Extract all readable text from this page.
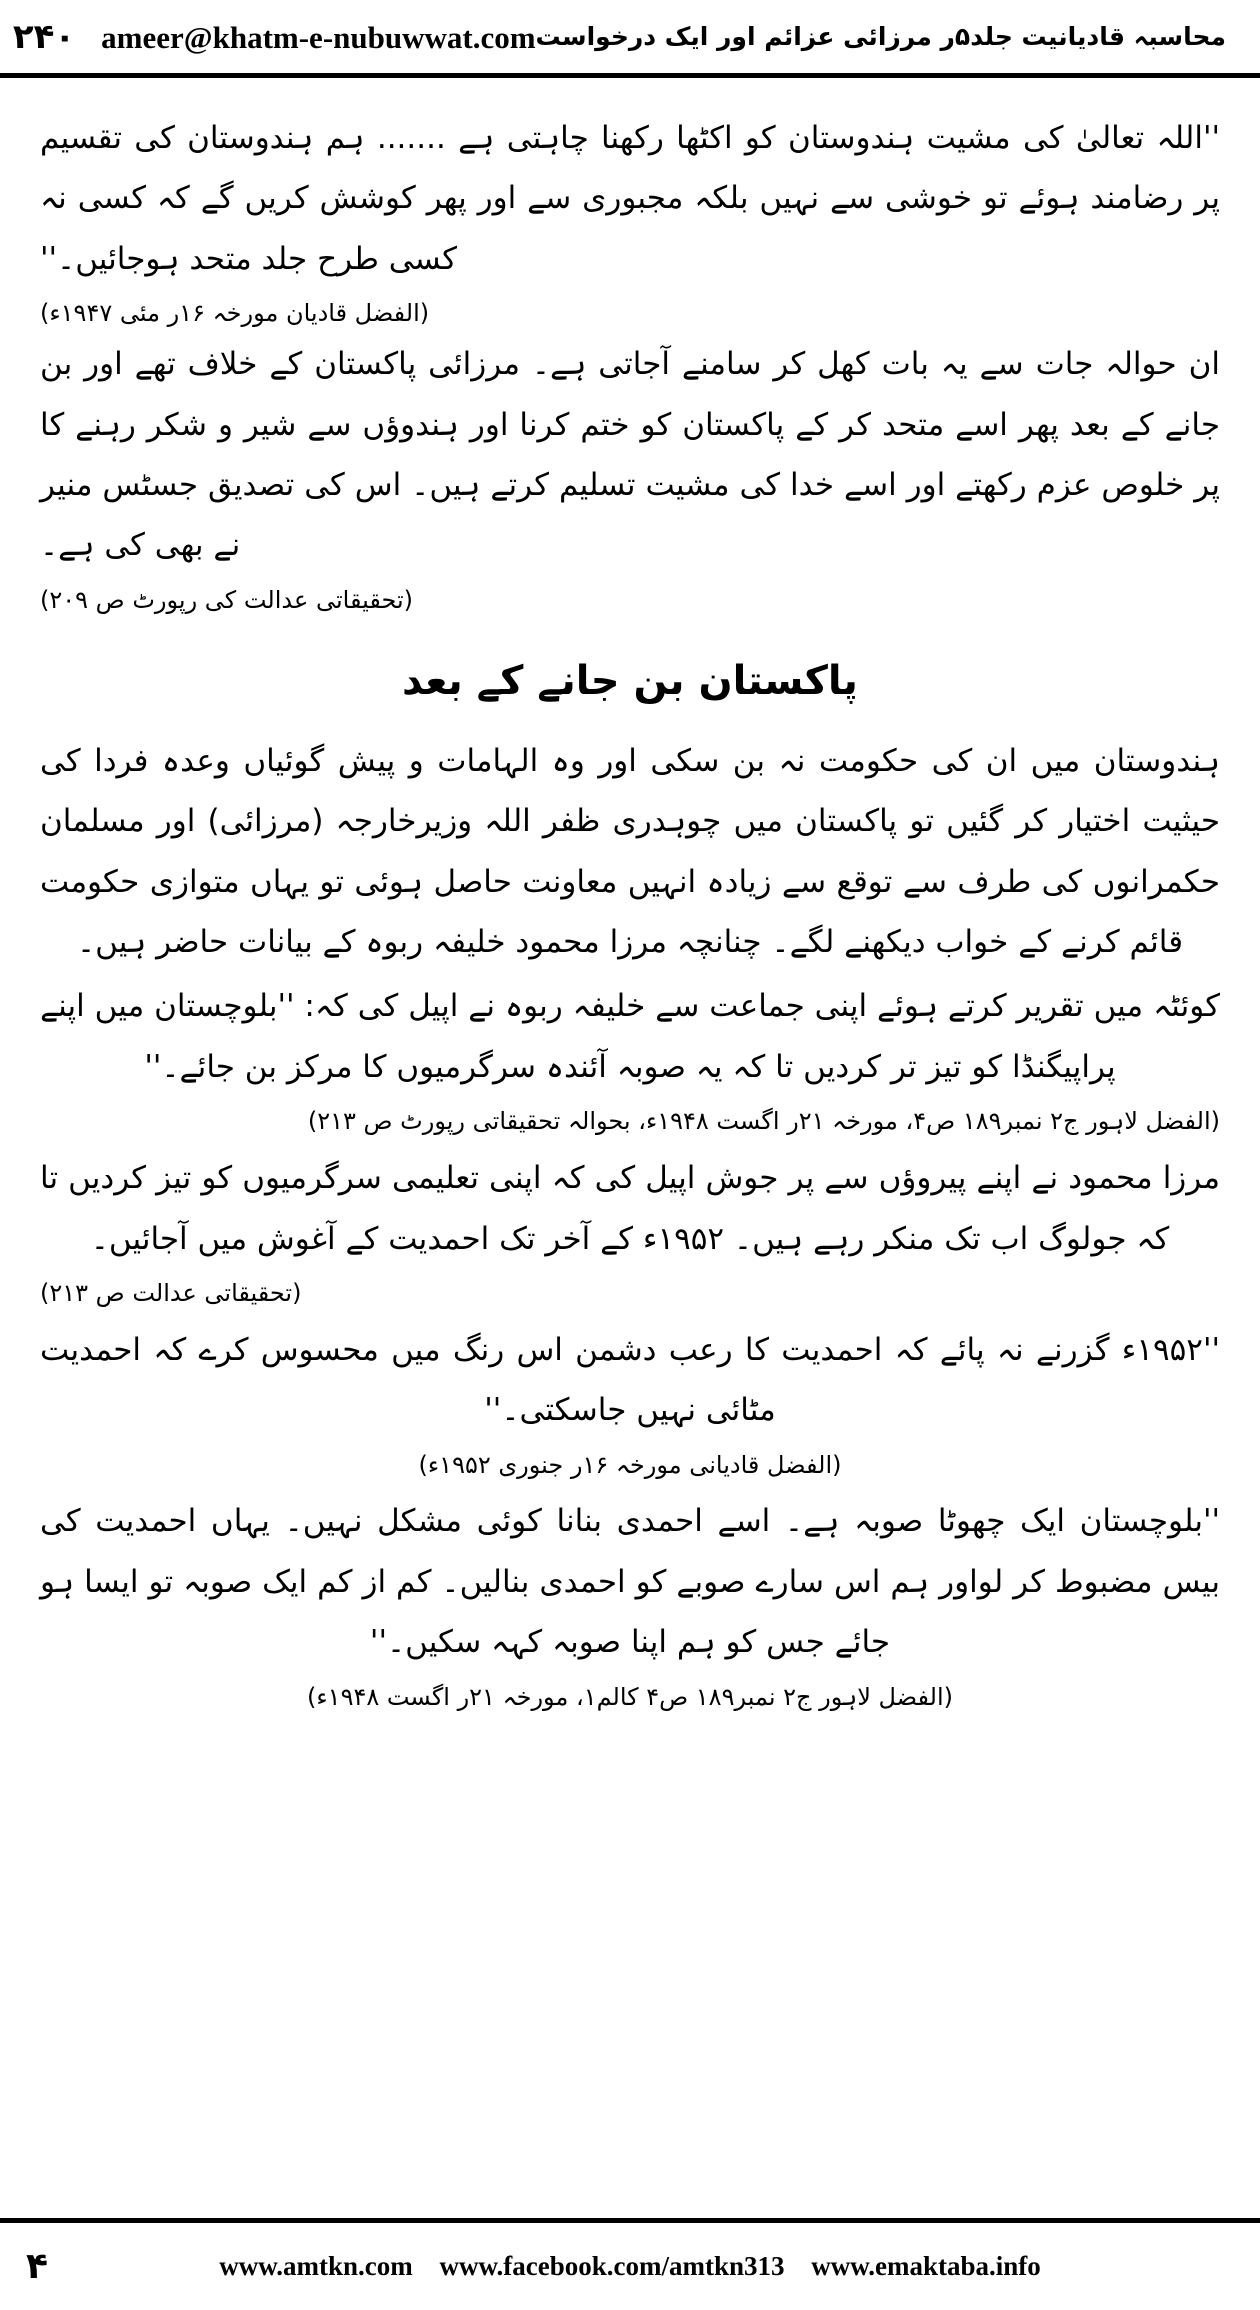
محاسبہ قادیانیت جلد۵ر مرزائی عزائم اور ایک درخواست
۲۴۰ ameer@khatm-e-nubuwwat.com

''اللہ تعالیٰ کی مشیت ہندوستان کو اکٹھا رکھنا چاہتی ہے ....... ہم ہندوستان کی تقسیم پر رضامند ہوئے تو خوشی سے نہیں بلکہ مجبوری سے اور پھر کوشش کریں گے کہ کسی نہ کسی طرح جلد متحد ہوجائیں۔''

(الفضل قادیان مورخہ ۱۶ر مئی ۱۹۴۷ء)

ان حوالہ جات سے یہ بات کھل کر سامنے آجاتی ہے۔ مرزائی پاکستان کے خلاف تھے اور بن جانے کے بعد پھر اسے متحد کر کے پاکستان کو ختم کرنا اور ہندوؤں سے شیر و شکر رہنے کا پر خلوص عزم رکھتے اور اسے خدا کی مشیت تسلیم کرتے ہیں۔ اس کی تصدیق جسٹس منیر نے بھی کی ہے۔

(تحقیقاتی عدالت کی رپورٹ ص ۲۰۹)

پاکستان بن جانے کے بعد

ہندوستان میں ان کی حکومت نہ بن سکی اور وہ الہامات و پیش گوئیاں وعدہ فردا کی حیثیت اختیار کر گئیں تو پاکستان میں چوہدری ظفر اللہ وزیرخارجہ (مرزائی) اور مسلمان حکمرانوں کی طرف سے توقع سے زیادہ انہیں معاونت حاصل ہوئی تو یہاں متوازی حکومت قائم کرنے کے خواب دیکھنے لگے۔ چنانچہ مرزا محمود خلیفہ ربوہ کے بیانات حاضر ہیں۔

کوئٹہ میں تقریر کرتے ہوئے اپنی جماعت سے خلیفہ ربوہ نے اپیل کی کہ: ''بلوچستان میں اپنے پراپیگنڈا کو تیز تر کردیں تا کہ یہ صوبہ آئندہ سرگرمیوں کا مرکز بن جائے۔''

(الفضل لاہور ج۲ نمبر۱۸۹ ص۴، مورخہ ۲۱ر اگست ۱۹۴۸ء، بحوالہ تحقیقاتی رپورٹ ص ۲۱۳)

مرزا محمود نے اپنے پیروؤں سے پر جوش اپیل کی کہ اپنی تعلیمی سرگرمیوں کو تیز کردیں تا کہ جولوگ اب تک منکر رہے ہیں۔ ۱۹۵۲ء کے آخر تک احمدیت کے آغوش میں آجائیں۔

(تحقیقاتی عدالت ص ۲۱۳)

''۱۹۵۲ء گزرنے نہ پائے کہ احمدیت کا رعب دشمن اس رنگ میں محسوس کرے کہ احمدیت مٹائی نہیں جاسکتی۔''

(الفضل قادیانی مورخہ ۱۶ر جنوری ۱۹۵۲ء)

''بلوچستان ایک چھوٹا صوبہ ہے۔ اسے احمدی بنانا کوئی مشکل نہیں۔ یہاں احمدیت کی بیس مضبوط کر لواور ہم اس سارے صوبے کو احمدی بنالیں۔ کم از کم ایک صوبہ تو ایسا ہو جائے جس کو ہم اپنا صوبہ کہہ سکیں۔''

(الفضل لاہور ج۲ نمبر۱۸۹ ص۴ کالم۱، مورخہ ۲۱ر اگست ۱۹۴۸ء)

۴	www.amtkn.com www.facebook.com/amtkn313 www.emaktaba.info
